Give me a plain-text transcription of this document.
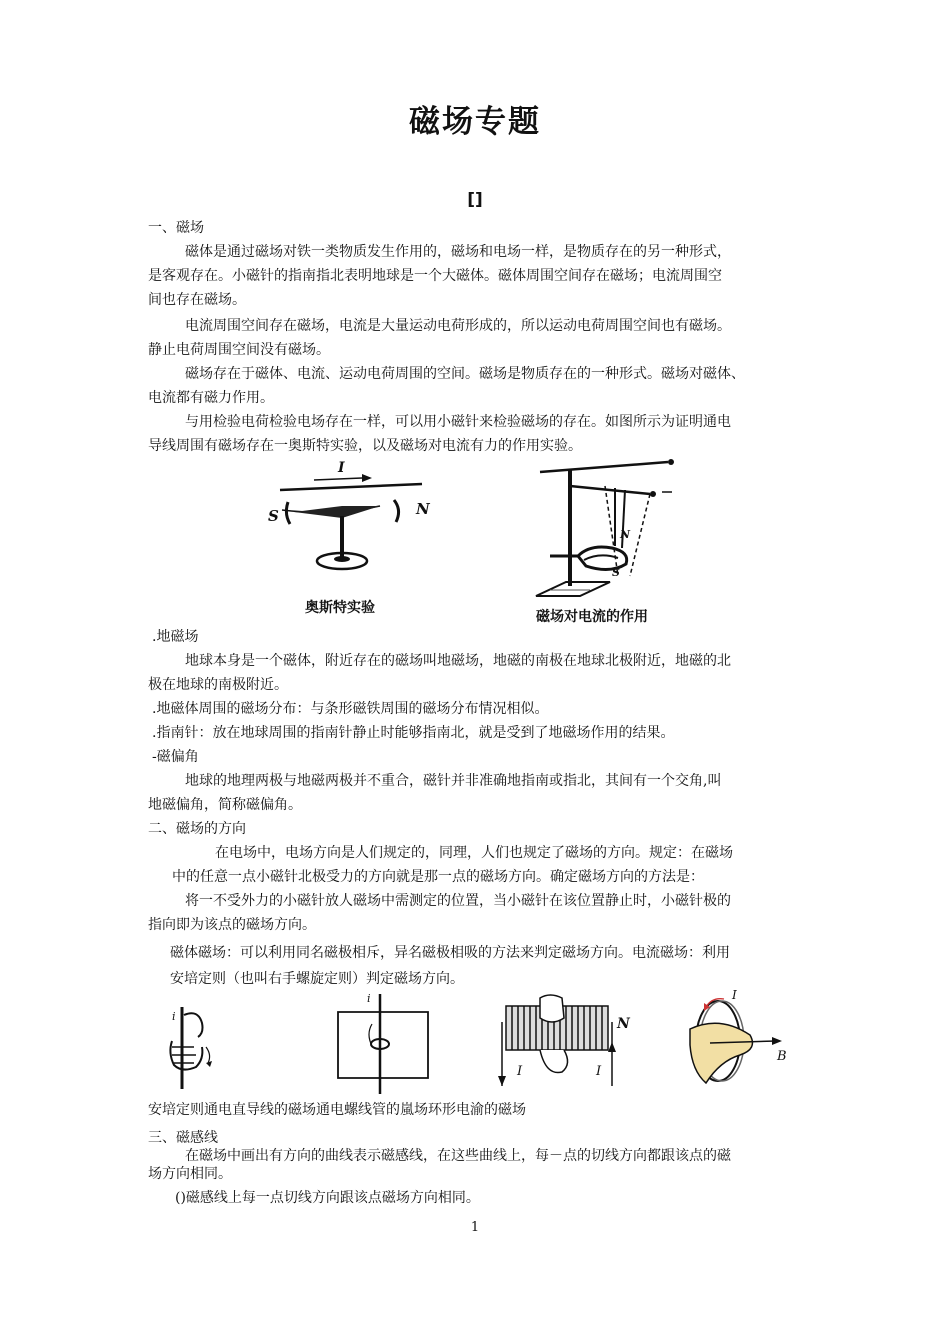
磁场专题
[]
一、磁场
磁体是通过磁场对铁一类物质发生作用的，磁场和电场一样，是物质存在的另一种形式，
是客观存在。小磁针的指南指北表明地球是一个大磁体。磁体周围空间存在磁场；电流周围空
间也存在磁场。
电流周围空间存在磁场，电流是大量运动电荷形成的，所以运动电荷周围空间也有磁场。
静止电荷周围空间没有磁场。
磁场存在于磁体、电流、运动电荷周围的空间。磁场是物质存在的一种形式。磁场对磁体、
电流都有磁力作用。
与用检验电荷检验电场存在一样，可以用小磁针来检验磁场的存在。如图所示为证明通电
导线周围有磁场存在一奥斯特实验，以及磁场对电流有力的作用实验。
I
S	N
奥斯特实验
N
S
磁场对电流的作用
.地磁场
地球本身是一个磁体，附近存在的磁场叫地磁场，地磁的南极在地球北极附近，地磁的北
极在地球的南极附近。
.地磁体周围的磁场分布：与条形磁铁周围的磁场分布情况相似。
.指南针：放在地球周围的指南针静止时能够指南北，就是受到了地磁场作用的结果。
-磁偏角
地球的地理两极与地磁两极并不重合，磁针并非准确地指南或指北，其间有一个交角,叫
地磁偏角，简称磁偏角。
二、磁场的方向
在电场中，电场方向是人们规定的，同理，人们也规定了磁场的方向。规定：在磁场
中的任意一点小磁针北极受力的方向就是那一点的磁场方向。确定磁场方向的方法是：
将一不受外力的小磁针放人磁场中需测定的位置，当小磁针在该位置静止时，小磁针极的
指向即为该点的磁场方向。
磁体磁场：可以利用同名磁极相斥，异名磁极相吸的方法来判定磁场方向。电流磁场：利用
安培定则（也叫右手螺旋定则）判定磁场方向。
i
i
N
I	I
I
B
安培定则通电直导线的磁场通电螺线管的嵐场环形电渝的磁场
三、磁感线
在磁场中画出有方向的曲线表示磁感线，在这些曲线上，每－点的切线方向都跟该点的磁
场方向相同。
()磁感线上每一点切线方向跟该点磁场方向相同。
1
